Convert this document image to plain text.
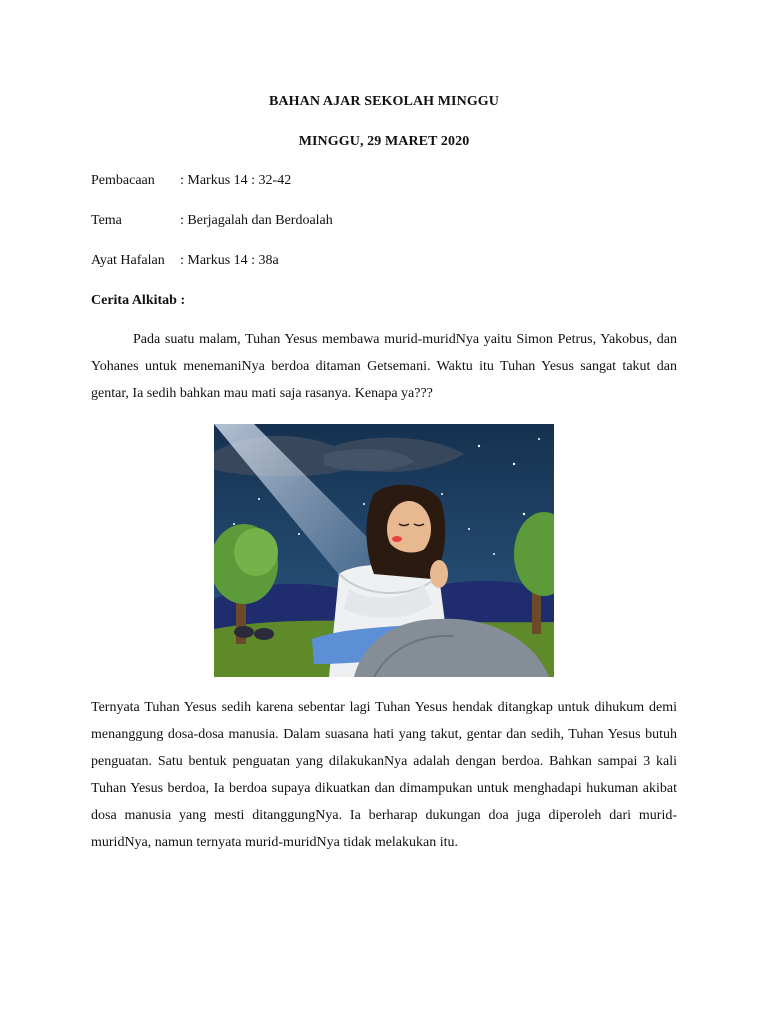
BAHAN AJAR SEKOLAH MINGGU
MINGGU, 29 MARET 2020
Pembacaan : Markus 14 : 32-42
Tema	: Berjagalah dan Berdoalah
Ayat Hafalan : Markus 14 : 38a
Cerita Alkitab :

Pada suatu malam, Tuhan Yesus membawa murid-muridNya yaitu Simon Petrus, Yakobus, dan Yohanes untuk menemaniNya berdoa ditaman Getsemani. Waktu itu Tuhan Yesus sangat takut dan gentar, Ia sedih bahkan mau mati saja rasanya. Kenapa ya???

Ternyata Tuhan Yesus sedih karena sebentar lagi Tuhan Yesus hendak ditangkap untuk dihukum demi menanggung dosa-dosa manusia. Dalam suasana hati yang takut, gentar dan sedih, Tuhan Yesus butuh penguatan. Satu bentuk penguatan yang dilakukanNya adalah dengan berdoa. Bahkan sampai 3 kali Tuhan Yesus berdoa, Ia berdoa supaya dikuatkan dan dimampukan untuk menghadapi hukuman akibat dosa manusia yang mesti ditanggungNya. Ia berharap dukungan doa juga diperoleh dari murid-muridNya, namun ternyata murid-muridNya tidak melakukan itu.
